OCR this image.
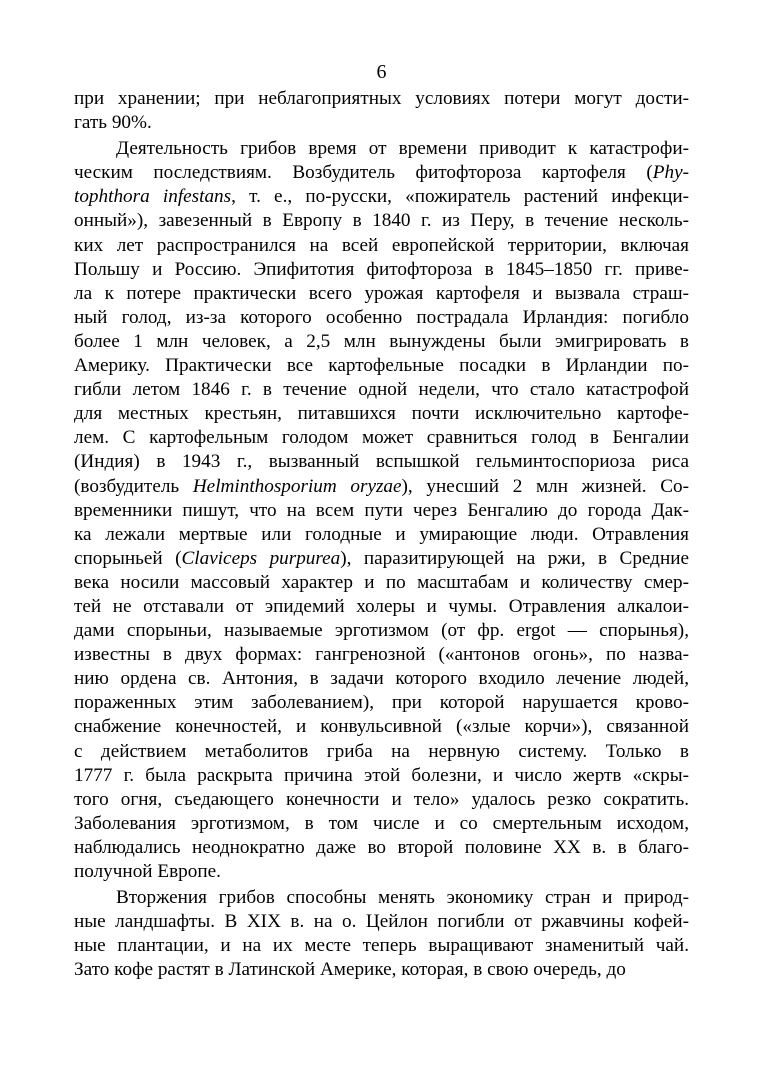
6
при хранении; при неблагоприятных условиях потери могут дости-
гать 90%.
Деятельность грибов время от времени приводит к катастрофи-
ческим последствиям. Возбудитель фитофтороза картофеля (Phy-
tophthora infestans, т. е., по-русски, «пожиратель растений инфекци-
онный»), завезенный в Европу в 1840 г. из Перу, в течение несколь-
ких лет распространился на всей европейской территории, включая
Польшу и Россию. Эпифитотия фитофтороза в 1845–1850 гг. приве-
ла к потере практически всего урожая картофеля и вызвала страш-
ный голод, из-за которого особенно пострадала Ирландия: погибло
более 1 млн человек, а 2,5 млн вынуждены были эмигрировать в
Америку. Практически все картофельные посадки в Ирландии по-
гибли летом 1846 г. в течение одной недели, что стало катастрофой
для местных крестьян, питавшихся почти исключительно картофе-
лем. С картофельным голодом может сравниться голод в Бенгалии
(Индия) в 1943 г., вызванный вспышкой гельминтоспориоза риса
(возбудитель Helminthosporium oryzae), унесший 2 млн жизней. Со-
временники пишут, что на всем пути через Бенгалию до города Дак-
ка лежали мертвые или голодные и умирающие люди. Отравления
спорыньей (Claviceps purpurea), паразитирующей на ржи, в Средние
века носили массовый характер и по масштабам и количеству смер-
тей не отставали от эпидемий холеры и чумы. Отравления алкалои-
дами спорыньи, называемые эрготизмом (от фр. ergot — спорынья),
известны в двух формах: гангренозной («антонов огонь», по назва-
нию ордена св. Антония, в задачи которого входило лечение людей,
пораженных этим заболеванием), при которой нарушается крово-
снабжение конечностей, и конвульсивной («злые корчи»), связанной
с действием метаболитов гриба на нервную систему. Только в
1777 г. была раскрыта причина этой болезни, и число жертв «скры-
того огня, съедающего конечности и тело» удалось резко сократить.
Заболевания эрготизмом, в том числе и со смертельным исходом,
наблюдались неоднократно даже во второй половине XX в. в благо-
получной Европе.
Вторжения грибов способны менять экономику стран и природ-
ные ландшафты. В XIX в. на о. Цейлон погибли от ржавчины кофей-
ные плантации, и на их месте теперь выращивают знаменитый чай.
Зато кофе растят в Латинской Америке, которая, в свою очередь, до
